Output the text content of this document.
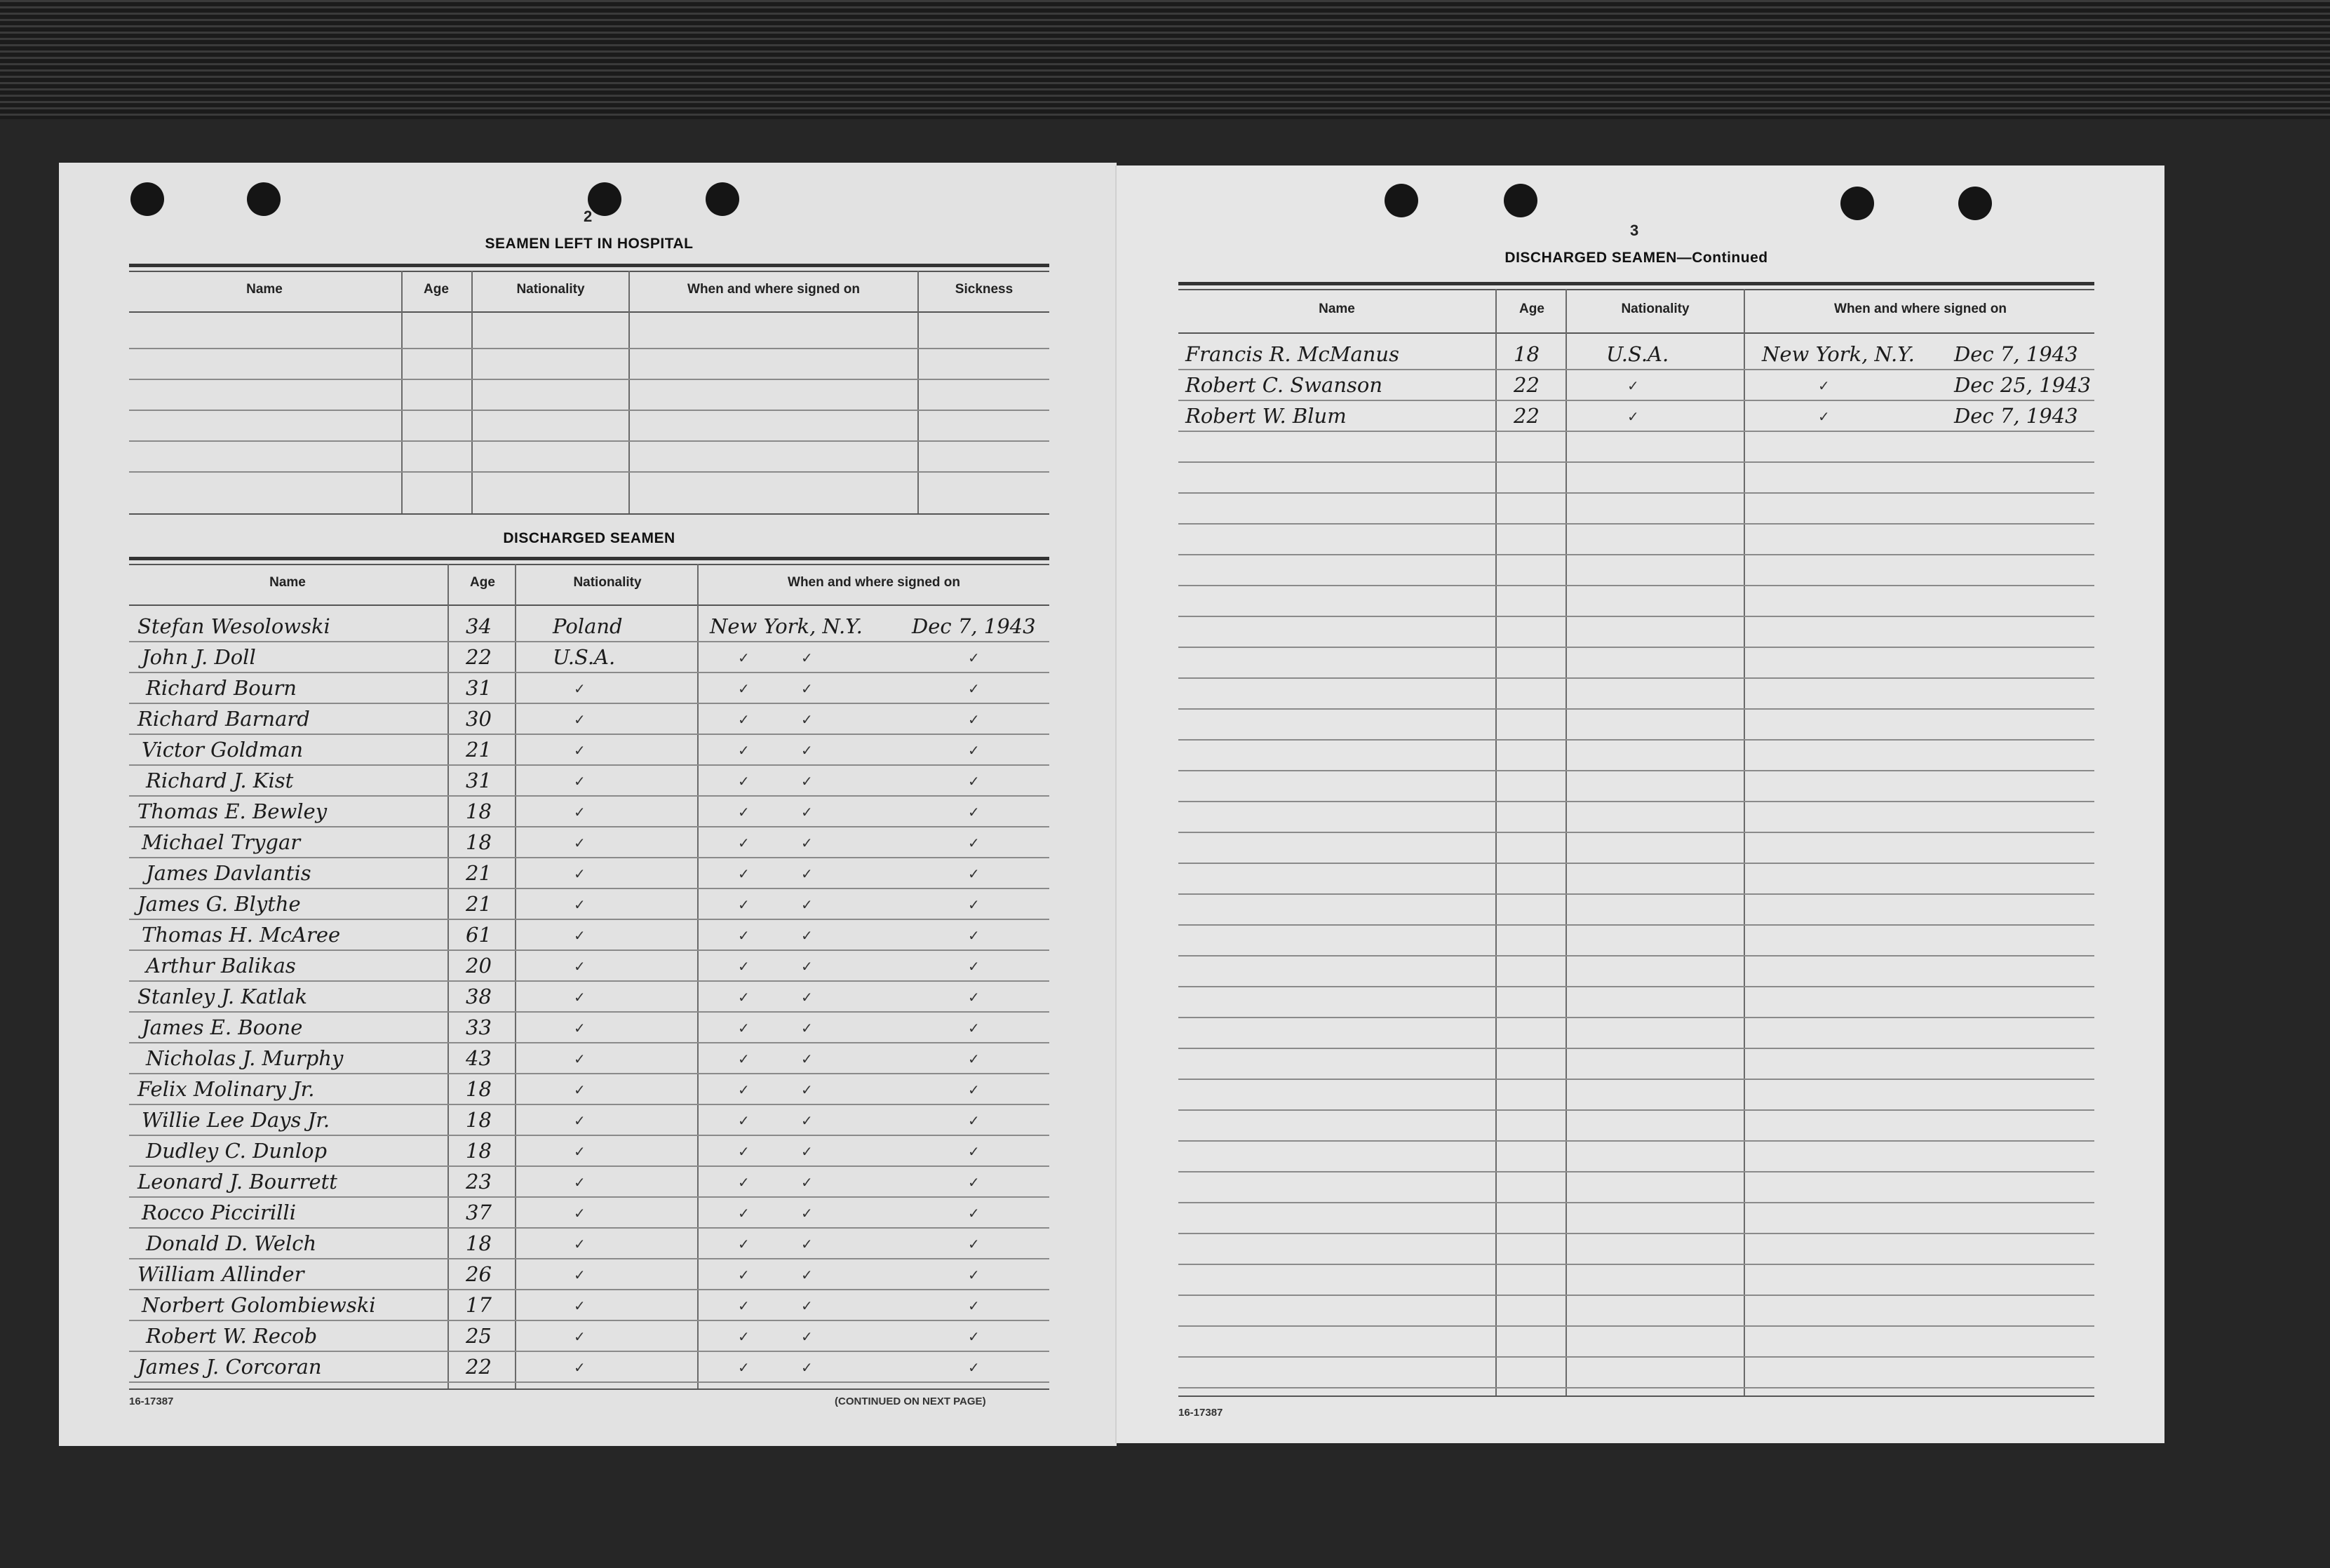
2
SEAMEN LEFT IN HOSPITAL
Name	Age	Nationality	When and where signed on	Sickness
DISCHARGED SEAMEN
Name	Age	Nationality	When and where signed on
Stefan Wesolowski	34	Poland	New York, N.Y. Dec 7, 1943
John J. Doll	22	U.S.A.	✓	✓	✓
Richard Bourn	31	✓	✓	✓	✓
Richard Barnard	30	✓	✓	✓	✓
Victor Goldman	21	✓	✓	✓	✓
Richard J. Kist	31	✓	✓	✓	✓
Thomas E. Bewley	18	✓	✓	✓	✓
Michael Trygar	18	✓	✓	✓	✓
James Davlantis	21	✓	✓	✓	✓
James G. Blythe	21	✓	✓	✓	✓
Thomas H. McAree	61	✓	✓	✓	✓
Arthur Balikas	20	✓	✓	✓	✓
Stanley J. Katlak	38	✓	✓	✓	✓
James E. Boone	33	✓	✓	✓	✓
Nicholas J. Murphy	43	✓	✓	✓	✓
Felix Molinary Jr.	18	✓	✓	✓	✓
Willie Lee Days Jr.	18	✓	✓	✓	✓
Dudley C. Dunlop	18	✓	✓	✓	✓
Leonard J. Bourrett	23	✓	✓	✓	✓
Rocco Piccirilli	37	✓	✓	✓	✓
Donald D. Welch	18	✓	✓	✓	✓
William Allinder	26	✓	✓	✓	✓
Norbert Golombiewski	17	✓	✓	✓	✓
Robert W. Recob	25	✓	✓	✓	✓
James J. Corcoran	22	✓	✓	✓	✓
16-17387	(CONTINUED ON NEXT PAGE)
3
DISCHARGED SEAMEN—Continued
Name	Age	Nationality	When and where signed on
Francis R. McManus	18	U.S.A.	New York, N.Y. Dec 7, 1943
Robert C. Swanson	22	✓	✓	Dec 25, 1943
Robert W. Blum	22	✓	✓	Dec 7, 1943
16-17387
